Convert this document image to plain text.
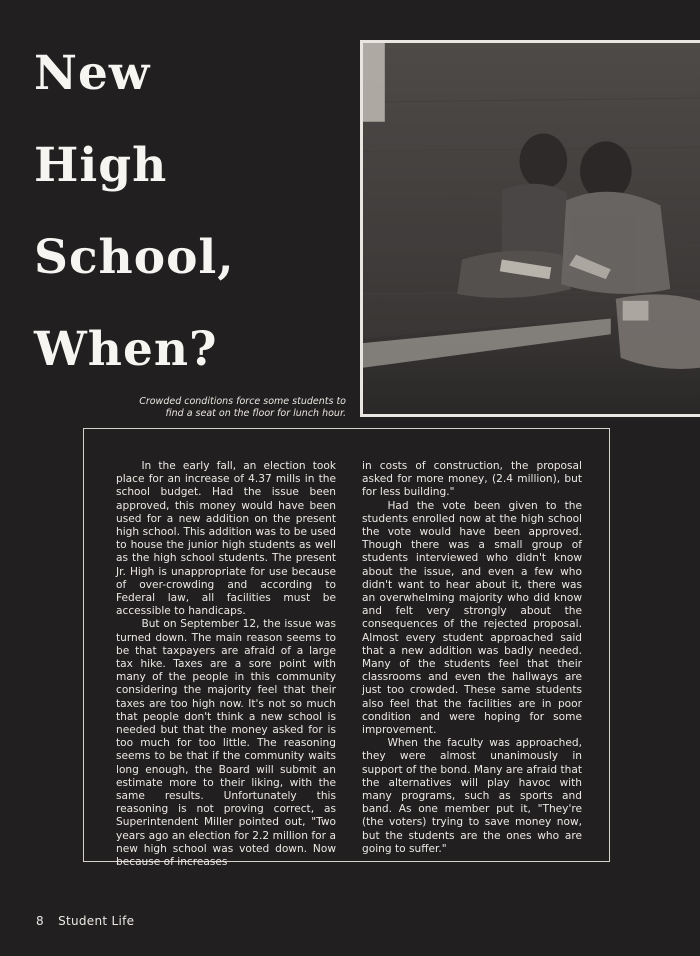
New
High
School,
When?

Crowded conditions force some students to
find a seat on the floor for lunch hour.

In the early fall, an election took place for an increase of 4.37 mills in the school budget. Had the issue been approved, this money would have been used for a new addition on the present high school. This addition was to be used to house the junior high students as well as the high school students. The present Jr. High is unappropriate for use because of over-crowding and according to Federal law, all facilities must be accessible to handicaps.

But on September 12, the issue was turned down. The main reason seems to be that taxpayers are afraid of a large tax hike. Taxes are a sore point with many of the people in this community considering the majority feel that their taxes are too high now. It's not so much that people don't think a new school is needed but that the money asked for is too much for too little. The reasoning seems to be that if the community waits long enough, the Board will submit an estimate more to their liking, with the same results. Unfortunately this reasoning is not proving correct, as Superintendent Miller pointed out, "Two years ago an election for 2.2 million for a new high school was voted down. Now because of increases

in costs of construction, the proposal asked for more money, (2.4 million), but for less building."

Had the vote been given to the students enrolled now at the high school the vote would have been approved. Though there was a small group of students interviewed who didn't know about the issue, and even a few who didn't want to hear about it, there was an overwhelming majority who did know and felt very strongly about the consequences of the rejected proposal. Almost every student approached said that a new addition was badly needed. Many of the students feel that their classrooms and even the hallways are just too crowded. These same students also feel that the facilities are in poor condition and were hoping for some improvement.

When the faculty was approached, they were almost unanimously in support of the bond. Many are afraid that the alternatives will play havoc with many programs, such as sports and band. As one member put it, "They're (the voters) trying to save money now, but the students are the ones who are going to suffer."

8 Student Life
